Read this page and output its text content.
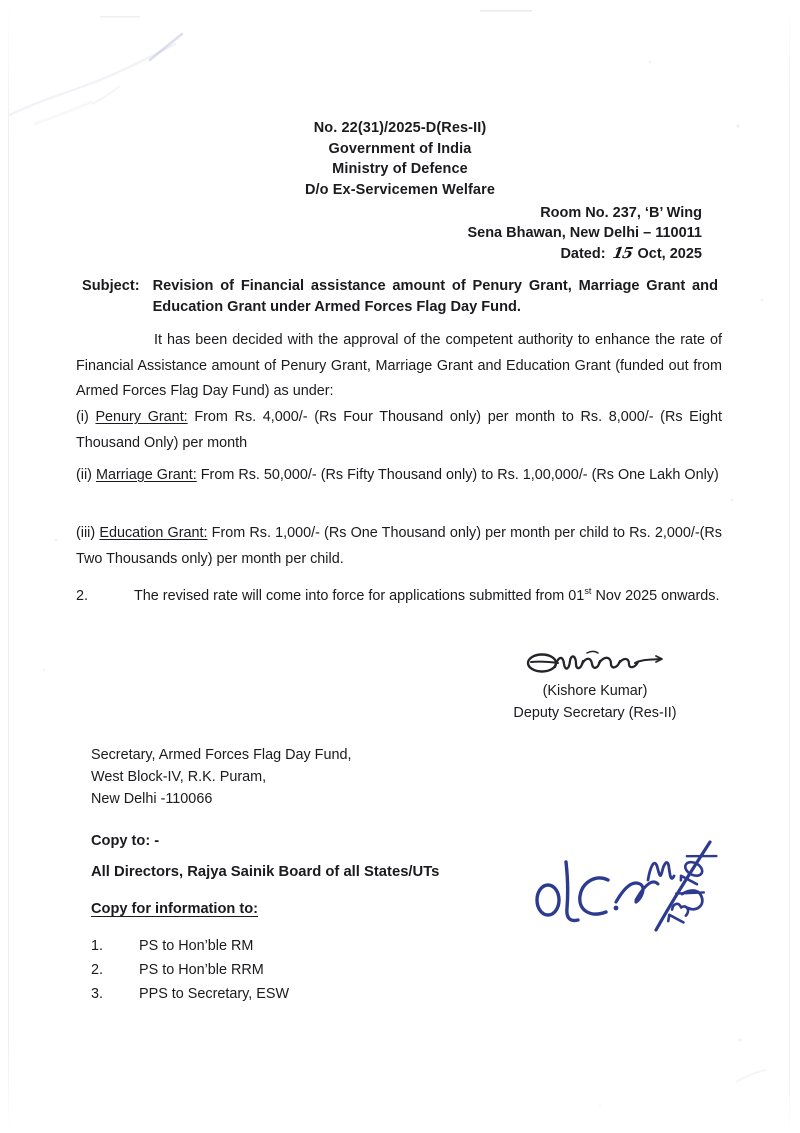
No. 22(31)/2025-D(Res-II)
Government of India
Ministry of Defence
D/o Ex-Servicemen Welfare
Room No. 237, ‘B’ Wing
Sena Bhawan, New Delhi – 110011
Dated: 15 Oct, 2025
Subject: Revision of Financial assistance amount of Penury Grant, Marriage Grant and Education Grant under Armed Forces Flag Day Fund.
It has been decided with the approval of the competent authority to enhance the rate of Financial Assistance amount of Penury Grant, Marriage Grant and Education Grant (funded out from Armed Forces Flag Day Fund) as under:
(i) Penury Grant: From Rs. 4,000/- (Rs Four Thousand only) per month to Rs. 8,000/- (Rs Eight Thousand Only) per month
(ii) Marriage Grant: From Rs. 50,000/- (Rs Fifty Thousand only) to Rs. 1,00,000/- (Rs One Lakh Only)
(iii) Education Grant: From Rs. 1,000/- (Rs One Thousand only) per month per child to Rs. 2,000/-(Rs Two Thousands only) per month per child.
2.	The revised rate will come into force for applications submitted from 01st Nov 2025 onwards.
(Kishore Kumar)
Deputy Secretary (Res-II)
Secretary, Armed Forces Flag Day Fund,
West Block-IV, R.K. Puram,
New Delhi -110066
Copy to: -
All Directors, Rajya Sainik Board of all States/UTs
Copy for information to:
1.	PS to Hon’ble RM
2.	PS to Hon’ble RRM
3.	PPS to Secretary, ESW
